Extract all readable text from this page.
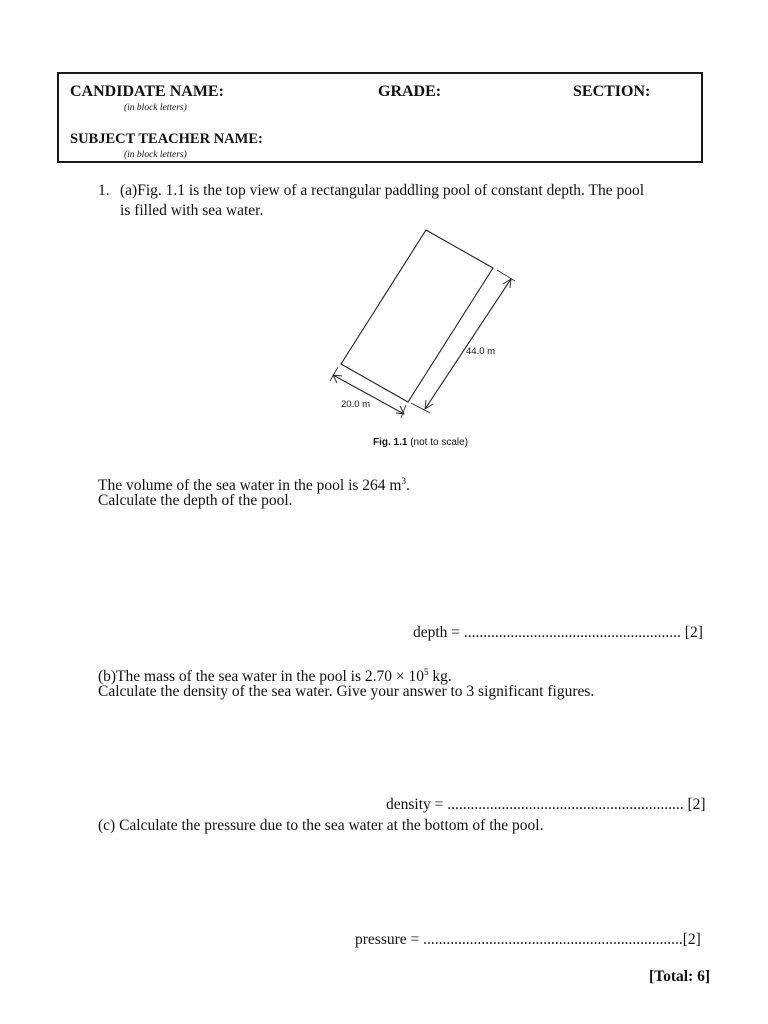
CANDIDATE NAME:	GRADE:	SECTION:
(in block letters)
SUBJECT TEACHER NAME:
(in block letters)
1. (a)Fig. 1.1 is the top view of a rectangular paddling pool of constant depth. The pool
is filled with sea water.
44.0 m
20.0 m
Fig. 1.1 (not to scale)
The volume of the sea water in the pool is 264 $m^3$.
Calculate the depth of the pool.
depth = ........................................................ [2]
(b)The mass of the sea water in the pool is $2.70 \times 10^5$ kg.
Calculate the density of the sea water. Give your answer to 3 significant figures.
density = ............................................................. [2]
(c) Calculate the pressure due to the sea water at the bottom of the pool.
pressure = ...................................................................[2]
[Total: 6]
